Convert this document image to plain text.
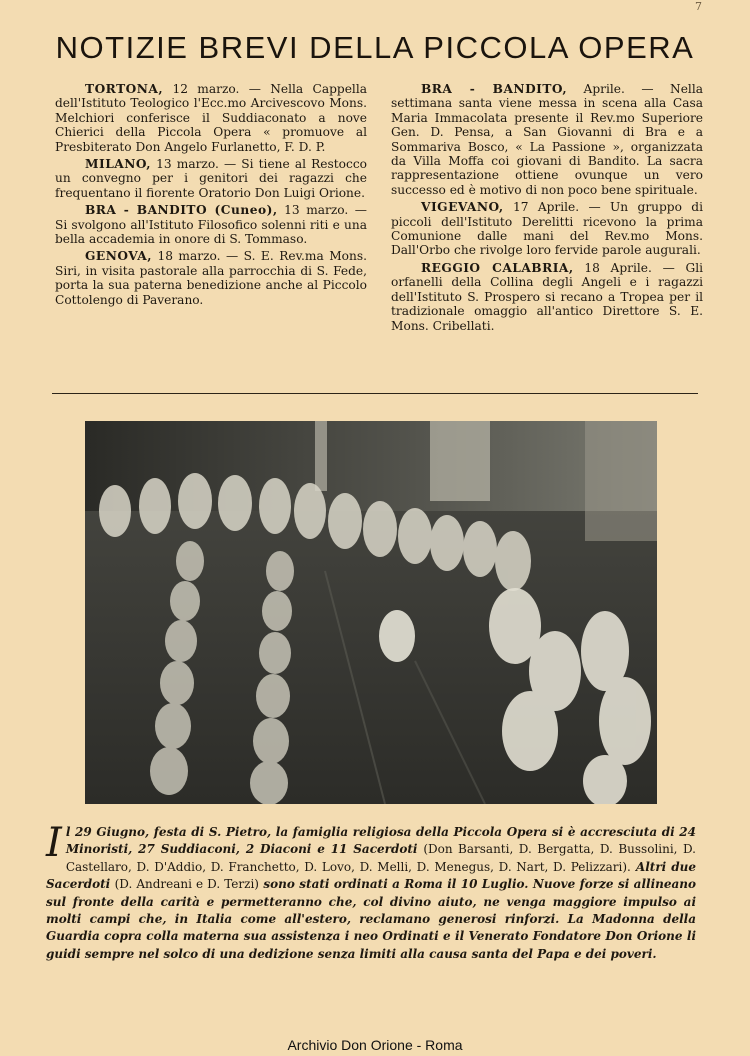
7
NOTIZIE BREVI DELLA PICCOLA OPERA

TORTONA, 12 marzo. — Nella Cappella dell'Istituto Teologico l'Ecc.mo Arcivescovo Mons. Melchiori conferisce il Suddiaconato a nove Chierici della Piccola Opera « promuove al Presbiterato Don Angelo Furlanetto, F. D. P.

MILANO, 13 marzo. — Si tiene al Restocco un convegno per i genitori dei ragazzi che frequentano il fiorente Oratorio Don Luigi Orione.

BRA - BANDITO (Cuneo), 13 marzo. — Si svolgono all'Istituto Filosofico solenni riti e una bella accademia in onore di S. Tommaso.

GENOVA, 18 marzo. — S. E. Rev.ma Mons. Siri, in visita pastorale alla parrocchia di S. Fede, porta la sua paterna benedizione anche al Piccolo Cottolengo di Paverano.

BRA - BANDITO, Aprile. — Nella settimana santa viene messa in scena alla Casa Maria Immacolata presente il Rev.mo Superiore Gen. D. Pensa, a San Giovanni di Bra e a Sommariva Bosco, « La Passione », organizzata da Villa Moffa coi giovani di Bandito. La sacra rappresentazione ottiene ovunque un vero successo ed è motivo di non poco bene spirituale.

VIGEVANO, 17 Aprile. — Un gruppo di piccoli dell'Istituto Derelitti ricevono la prima Comunione dalle mani del Rev.mo Mons. Dall'Orbo che rivolge loro fervide parole augurali.

REGGIO CALABRIA, 18 Aprile. — Gli orfanelli della Collina degli Angeli e i ragazzi dell'Istituto S. Prospero si recano a Tropea per il tradizionale omaggio all'antico Direttore S. E. Mons. Cribellati.

Il 29 Giugno, festa di S. Pietro, la famiglia religiosa della Piccola Opera si è accresciuta di 24 Minoristi, 27 Suddiaconi, 2 Diaconi e 11 Sacerdoti (Don Barsanti, D. Bergatta, D. Bussolini, D. Castellaro, D. D'Addio, D. Franchetto, D. Lovo, D. Melli, D. Menegus, D. Nart, D. Pelizzari). Altri due Sacerdoti (D. Andreani e D. Terzi) sono stati ordinati a Roma il 10 Luglio. Nuove forze si allineano sul fronte della carità e permetteranno che, col divino aiuto, ne venga maggiore impulso ai molti campi che, in Italia come all'estero, reclamano generosi rinforzi. La Madonna della Guardia copra colla materna sua assistenza i neo Ordinati e il Venerato Fondatore Don Orione li guidi sempre nel solco di una dedizione senza limiti alla causa santa del Papa e dei poveri.
Archivio Don Orione - Roma
